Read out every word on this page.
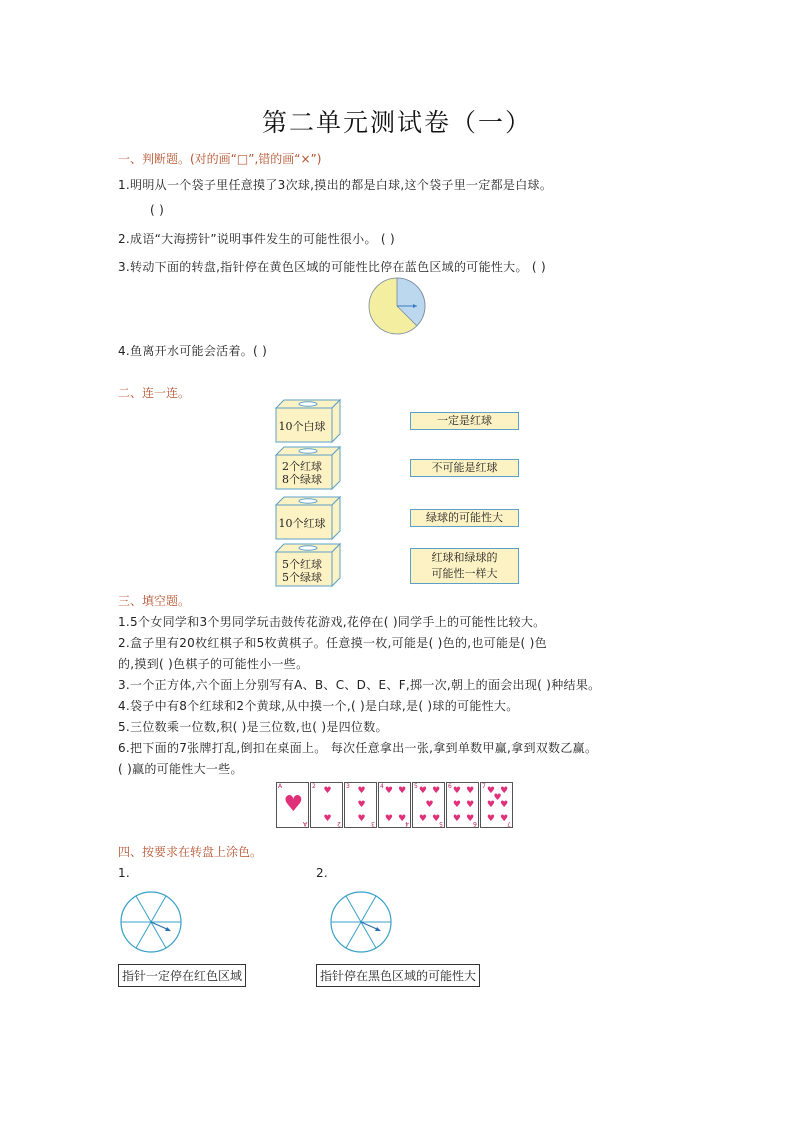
第二单元测试卷（一）
一、判断题。(对的画“□”,错的画“×”)
1.明明从一个袋子里任意摸了3次球,摸出的都是白球,这个袋子里一定都是白球。
( )
2.成语“大海捞针”说明事件发生的可能性很小。 ( )
3.转动下面的转盘,指针停在黄色区域的可能性比停在蓝色区域的可能性大。 ( )
4.鱼离开水可能会活着。( )
二、连一连。
10个白球
2个红球
8个绿球
10个红球
5个红球
5个绿球
一定是红球
不可能是红球
绿球的可能性大
红球和绿球的
可能性一样大
三、填空题。
1.5个女同学和3个男同学玩击鼓传花游戏,花停在( )同学手上的可能性比较大。
2.盒子里有20枚红棋子和5枚黄棋子。任意摸一枚,可能是( )色的,也可能是( )色
的,摸到( )色棋子的可能性小一些。
3.一个正方体,六个面上分别写有A、B、C、D、E、F,掷一次,朝上的面会出现( )种结果。
4.袋子中有8个红球和2个黄球,从中摸一个,( )是白球,是( )球的可能性大。
5.三位数乘一位数,积( )是三位数,也( )是四位数。
6.把下面的7张牌打乱,倒扣在桌面上。 每次任意拿出一张,拿到单数甲赢,拿到双数乙赢。
( )赢的可能性大一些。
A
A
♥
2
2
♥
♥
3
3
♥
♥
♥
4
4
♥ ♥
♥ ♥
5
5
♥ ♥
♥
♥ ♥
6
6
♥ ♥
♥ ♥
♥ ♥
7
7
♥ ♥
♥
♥ ♥
♥ ♥
四、按要求在转盘上涂色。
1.	2.
指针一定停在红色区域	指针停在黑色区域的可能性大
